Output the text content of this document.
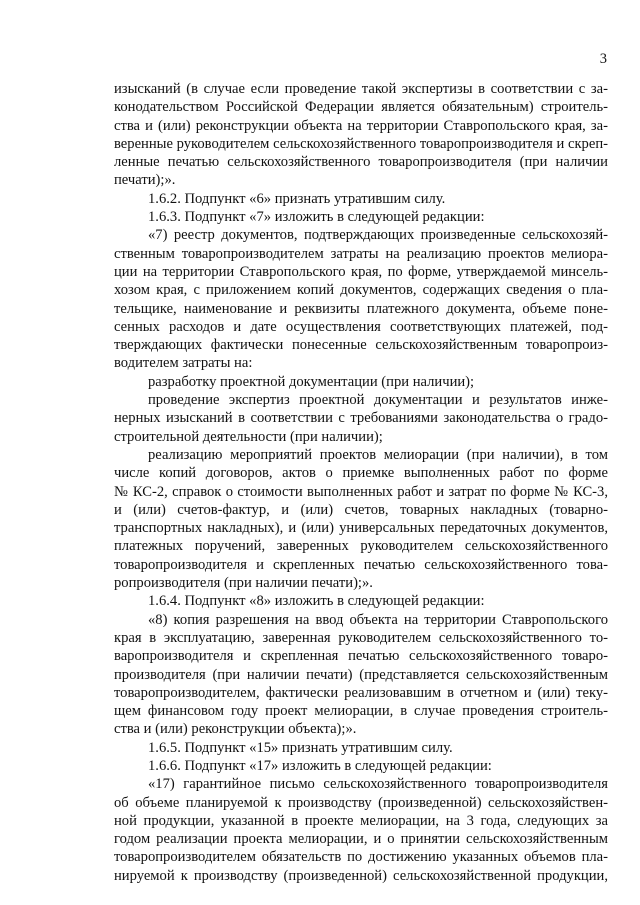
3
изысканий (в случае если проведение такой экспертизы в соответствии с за-
конодательством Российской Федерации является обязательным) строитель-
ства и (или) реконструкции объекта на территории Ставропольского края, за-
веренные руководителем сельскохозяйственного товаропроизводителя и скреп-
ленные печатью сельскохозяйственного товаропроизводителя (при наличии
печати);».
1.6.2. Подпункт «6» признать утратившим силу.
1.6.3. Подпункт «7» изложить в следующей редакции:
«7) реестр документов, подтверждающих произведенные сельскохозяй-
ственным товаропроизводителем затраты на реализацию проектов мелиора-
ции на территории Ставропольского края, по форме, утверждаемой минсель-
хозом края, с приложением копий документов, содержащих сведения о пла-
тельщике, наименование и реквизиты платежного документа, объеме поне-
сенных расходов и дате осуществления соответствующих платежей, под-
тверждающих фактически понесенные сельскохозяйственным товаропроиз-
водителем затраты на:
разработку проектной документации (при наличии);
проведение экспертиз проектной документации и результатов инже-
нерных изысканий в соответствии с требованиями законодательства о градо-
строительной деятельности (при наличии);
реализацию мероприятий проектов мелиорации (при наличии), в том
числе копий договоров, актов о приемке выполненных работ по форме
№ КС-2, справок о стоимости выполненных работ и затрат по форме № КС-3,
и (или) счетов-фактур, и (или) счетов, товарных накладных (товарно-
транспортных накладных), и (или) универсальных передаточных документов,
платежных поручений, заверенных руководителем сельскохозяйственного
товаропроизводителя и скрепленных печатью сельскохозяйственного това-
ропроизводителя (при наличии печати);».
1.6.4. Подпункт «8» изложить в следующей редакции:
«8) копия разрешения на ввод объекта на территории Ставропольского
края в эксплуатацию, заверенная руководителем сельскохозяйственного то-
варопроизводителя и скрепленная печатью сельскохозяйственного товаро-
производителя (при наличии печати) (представляется сельскохозяйственным
товаропроизводителем, фактически реализовавшим в отчетном и (или) теку-
щем финансовом году проект мелиорации, в случае проведения строитель-
ства и (или) реконструкции объекта);».
1.6.5. Подпункт «15» признать утратившим силу.
1.6.6. Подпункт «17» изложить в следующей редакции:
«17) гарантийное письмо сельскохозяйственного товаропроизводителя
об объеме планируемой к производству (произведенной) сельскохозяйствен-
ной продукции, указанной в проекте мелиорации, на 3 года, следующих за
годом реализации проекта мелиорации, и о принятии сельскохозяйственным
товаропроизводителем обязательств по достижению указанных объемов пла-
нируемой к производству (произведенной) сельскохозяйственной продукции,
